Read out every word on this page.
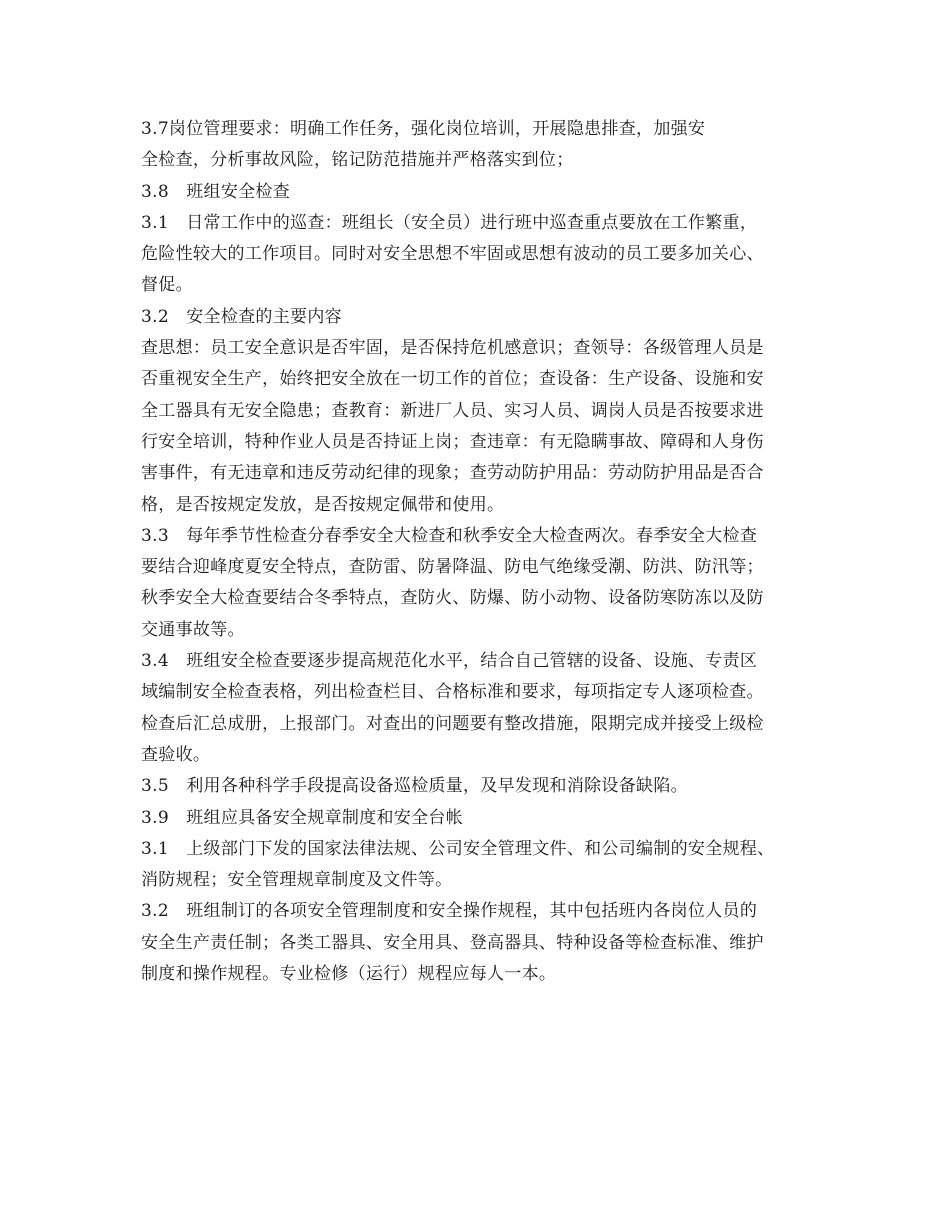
3.7岗位管理要求：明确工作任务，强化岗位培训，开展隐患排查，加强安
全检查，分析事故风险，铭记防范措施并严格落实到位；
3.8　班组安全检查
3.1　日常工作中的巡查：班组长（安全员）进行班中巡查重点要放在工作繁重，
危险性较大的工作项目。同时对安全思想不牢固或思想有波动的员工要多加关心、
督促。
3.2　安全检查的主要内容
查思想：员工安全意识是否牢固，是否保持危机感意识；查领导：各级管理人员是
否重视安全生产，始终把安全放在一切工作的首位；查设备：生产设备、设施和安
全工器具有无安全隐患；查教育：新进厂人员、实习人员、调岗人员是否按要求进
行安全培训，特种作业人员是否持证上岗；查违章：有无隐瞒事故、障碍和人身伤
害事件，有无违章和违反劳动纪律的现象；查劳动防护用品：劳动防护用品是否合
格，是否按规定发放，是否按规定佩带和使用。
3.3　每年季节性检查分春季安全大检查和秋季安全大检查两次。春季安全大检查
要结合迎峰度夏安全特点，查防雷、防暑降温、防电气绝缘受潮、防洪、防汛等；
秋季安全大检查要结合冬季特点，查防火、防爆、防小动物、设备防寒防冻以及防
交通事故等。
3.4　班组安全检查要逐步提高规范化水平，结合自己管辖的设备、设施、专责区
域编制安全检查表格，列出检查栏目、合格标准和要求，每项指定专人逐项检查。
检查后汇总成册，上报部门。对查出的问题要有整改措施，限期完成并接受上级检
查验收。
3.5　利用各种科学手段提高设备巡检质量，及早发现和消除设备缺陷。
3.9　班组应具备安全规章制度和安全台帐
3.1　上级部门下发的国家法律法规、公司安全管理文件、和公司编制的安全规程、
消防规程；安全管理规章制度及文件等。
3.2　班组制订的各项安全管理制度和安全操作规程，其中包括班内各岗位人员的
安全生产责任制；各类工器具、安全用具、登高器具、特种设备等检查标准、维护
制度和操作规程。专业检修（运行）规程应每人一本。
